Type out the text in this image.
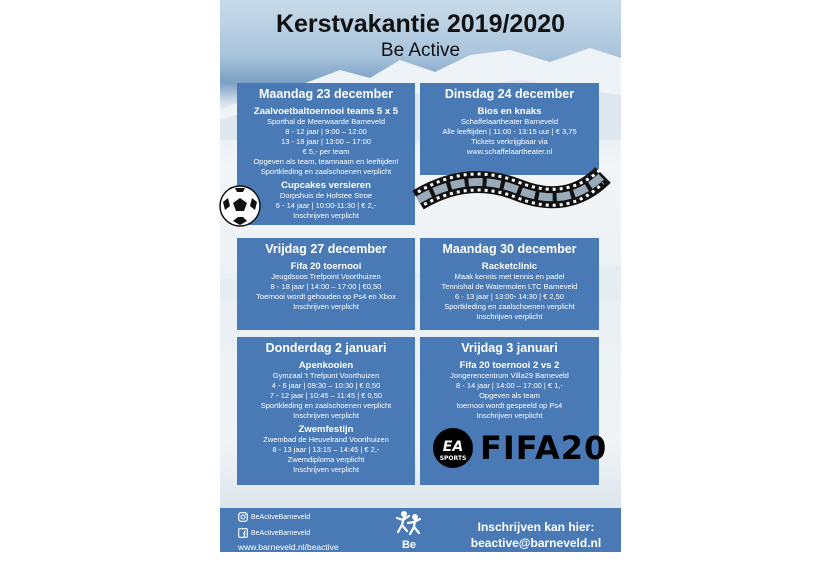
Kerstvakantie 2019/2020
Be Active
Maandag 23 december
Zaalvoetbaltoernooi teams 5 x 5
Sporthal de Meerwaarde Barneveld
8 - 12 jaar | 9:00 – 12:00
13 - 18 jaar | 13:00 – 17:00
€ 5,- per team
Opgeven als team, teamnaam en leeftijden!
Sportkleding en zaalschoenen verplicht
Cupcakes versieren
Dorpshuis de Hofstee Stroe
6 - 14 jaar | 10:00-11:30 | € 2,-
Inschrijven verplicht
Dinsdag 24 december
Bios en knaks
Schaffelaartheater Barneveld
Alle leeftijden | 11:00 - 13:15 uur | € 3,75
Tickets verkrijgbaar via
www.schaffelaartheater.nl
Vrijdag 27 december
Fifa 20 toernooi
Jeugdsoos Trefpoint Voorthuizen
8 - 18 jaar | 14:00 – 17:00 | €0,50
Toernooi wordt gehouden op Ps4 en Xbox
Inschrijven verplicht
Maandag 30 december
Racketclinic
Maak kennis met tennis en padel
Tennishal de Watermolen LTC Barneveld
6 - 13 jaar | 13:00- 14:30 | € 2,50
Sportkleding en zaalschoenen verplicht
Inschrijven verplicht
Donderdag 2 januari
Apenkooien
Gymzaal 't Trefpunt Voorthuizen
4 - 6 jaar | 09:30 – 10:30 | € 0,50
7 - 12 jaar | 10:45 – 11:45 | € 0,50
Sportkleding en zaalschoenen verplicht
Inschrijven verplicht
Zwemfestijn
Zwembad de Heuvelrand Voorthuizen
8 - 13 jaar | 13:15 – 14:45 | € 2,-
Zwemdiploma verplicht
Inschrijven verplicht
Vrijdag 3 januari
Fifa 20 toernooi 2 vs 2
Jongerencentrum Villa29 Barneveld
8 - 14 jaar | 14:00 – 17:00 | € 1,-
Opgeven als team
toernooi wordt gespeeld op Ps4
Inschrijven verplicht
EA
SPORTS FIFA20
BeActiveBarneveld
BeActiveBarneveld
www.barneveld.nl/beactive	Be Active
Inschrijven kan hier:
beactive@barneveld.nl
